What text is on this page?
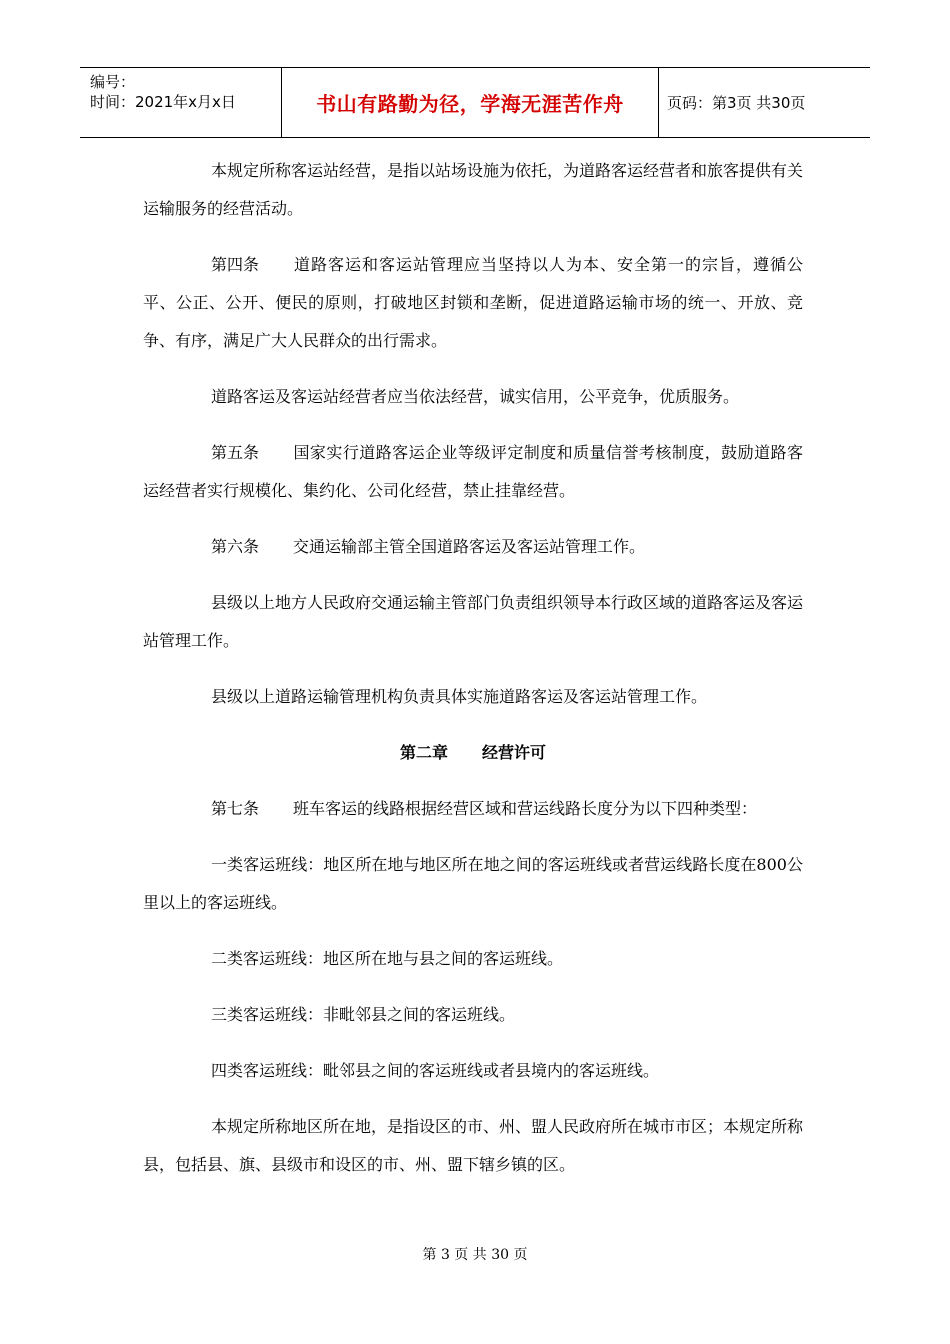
编号：
时间：2021年x月x日	书山有路勤为径，学海无涯苦作舟	页码：第3页 共30页

本规定所称客运站经营，是指以站场设施为依托，为道路客运经营者和旅客提供有关运输服务的经营活动。

第四条 道路客运和客运站管理应当坚持以人为本、安全第一的宗旨，遵循公平、公正、公开、便民的原则，打破地区封锁和垄断，促进道路运输市场的统一、开放、竞争、有序，满足广大人民群众的出行需求。

道路客运及客运站经营者应当依法经营，诚实信用，公平竞争，优质服务。

第五条 国家实行道路客运企业等级评定制度和质量信誉考核制度，鼓励道路客运经营者实行规模化、集约化、公司化经营，禁止挂靠经营。

第六条 交通运输部主管全国道路客运及客运站管理工作。

县级以上地方人民政府交通运输主管部门负责组织领导本行政区域的道路客运及客运站管理工作。

县级以上道路运输管理机构负责具体实施道路客运及客运站管理工作。

第二章 经营许可

第七条 班车客运的线路根据经营区域和营运线路长度分为以下四种类型：

一类客运班线：地区所在地与地区所在地之间的客运班线或者营运线路长度在800公里以上的客运班线。

二类客运班线：地区所在地与县之间的客运班线。

三类客运班线：非毗邻县之间的客运班线。

四类客运班线：毗邻县之间的客运班线或者县境内的客运班线。

本规定所称地区所在地，是指设区的市、州、盟人民政府所在城市市区；本规定所称县，包括县、旗、县级市和设区的市、州、盟下辖乡镇的区。

第 3 页 共 30 页
